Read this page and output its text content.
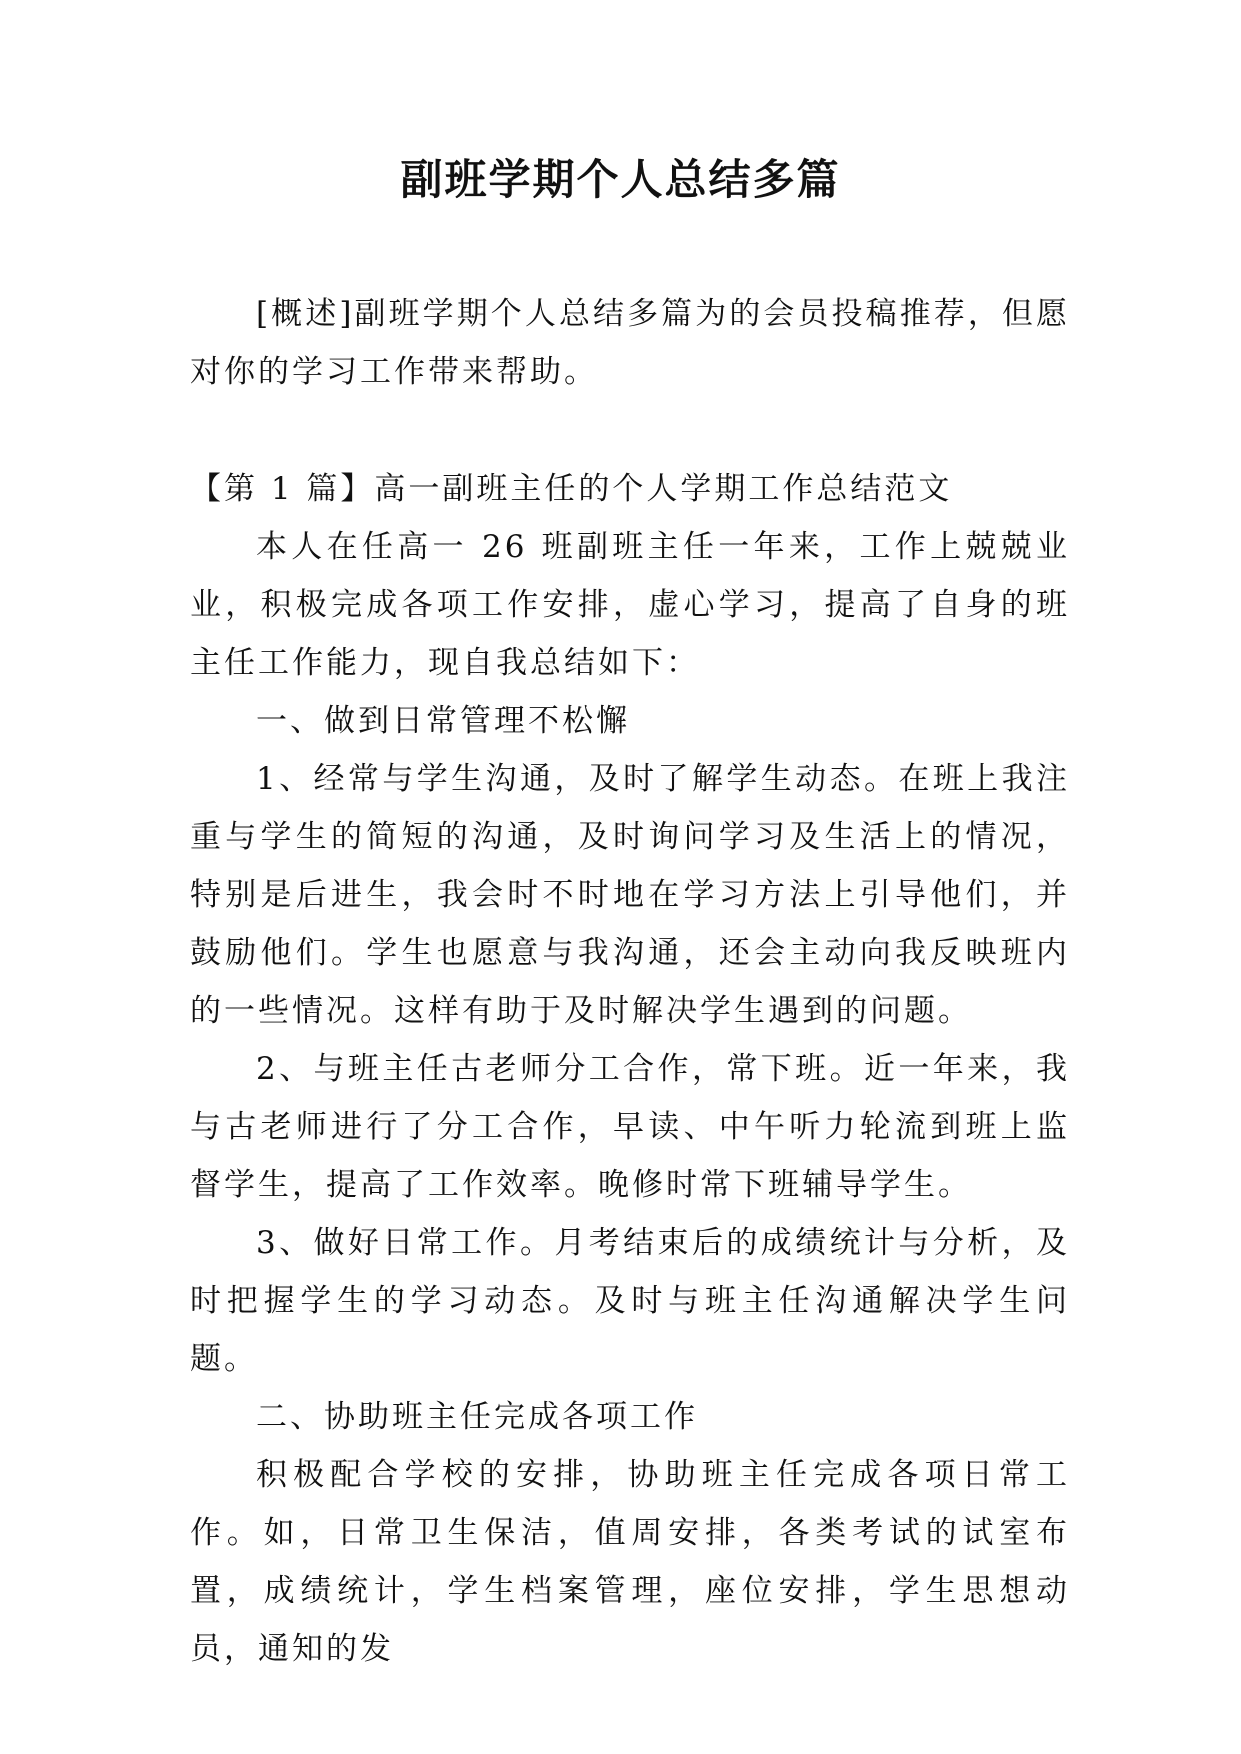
副班学期个人总结多篇

[概述]副班学期个人总结多篇为的会员投稿推荐，但愿对你的学习工作带来帮助。

【第 1 篇】高一副班主任的个人学期工作总结范文

本人在任高一 26 班副班主任一年来，工作上兢兢业业，积极完成各项工作安排，虚心学习，提高了自身的班主任工作能力，现自我总结如下：

一、做到日常管理不松懈

1、经常与学生沟通，及时了解学生动态。在班上我注重与学生的简短的沟通，及时询问学习及生活上的情况，特别是后进生，我会时不时地在学习方法上引导他们，并鼓励他们。学生也愿意与我沟通，还会主动向我反映班内的一些情况。这样有助于及时解决学生遇到的问题。

2、与班主任古老师分工合作，常下班。近一年来，我与古老师进行了分工合作，早读、中午听力轮流到班上监督学生，提高了工作效率。晚修时常下班辅导学生。

3、做好日常工作。月考结束后的成绩统计与分析，及时把握学生的学习动态。及时与班主任沟通解决学生问题。

二、协助班主任完成各项工作

积极配合学校的安排，协助班主任完成各项日常工作。如，日常卫生保洁，值周安排，各类考试的试室布置，成绩统计，学生档案管理，座位安排，学生思想动员，通知的发
